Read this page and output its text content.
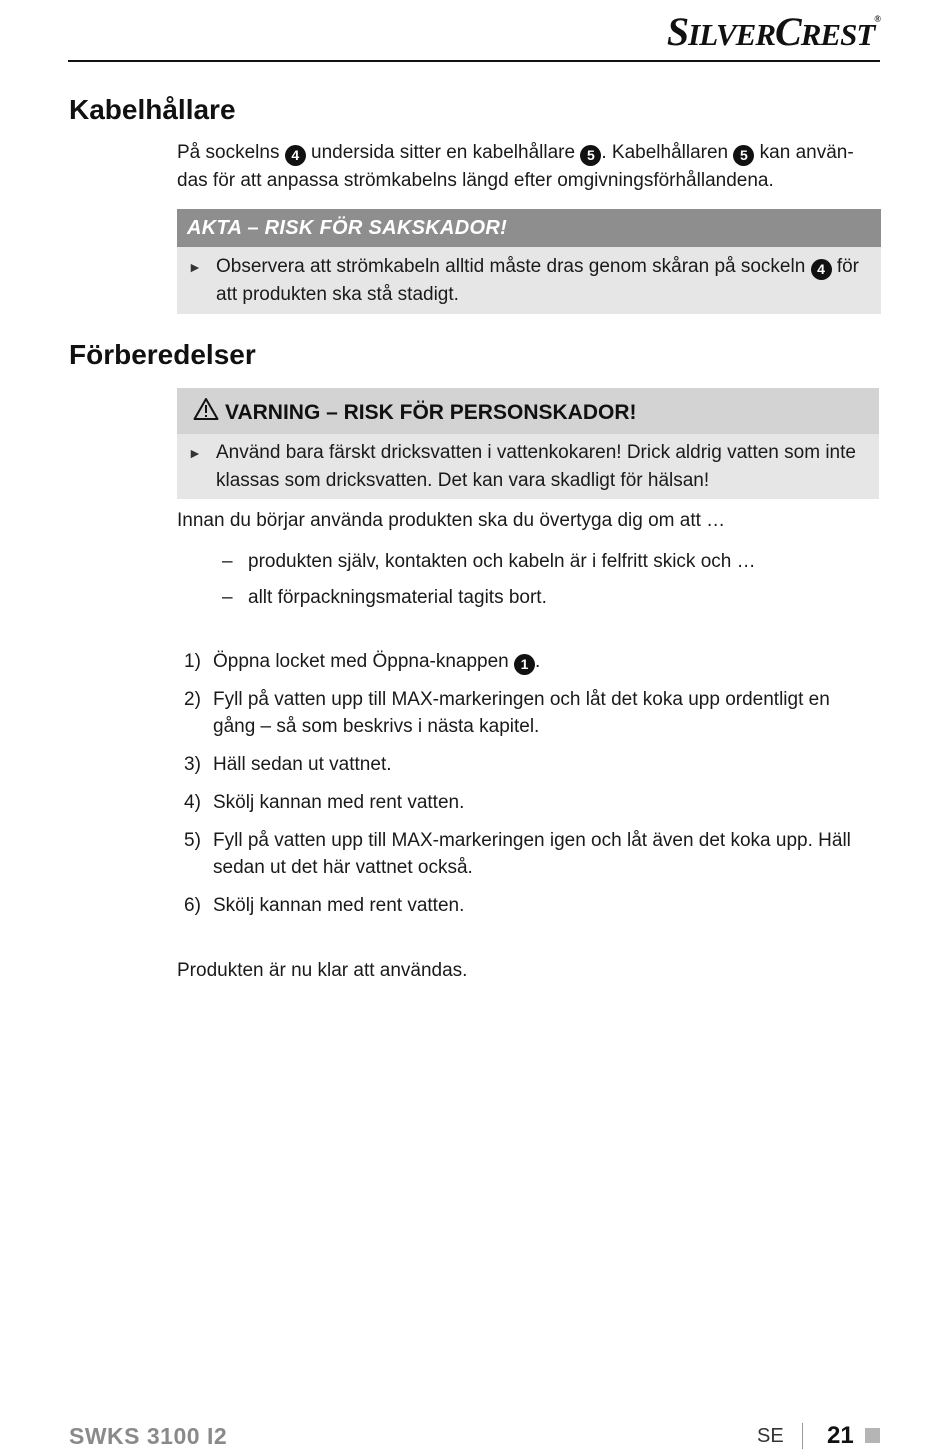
SILVERCREST®
Kabelhållare

På sockelns 4 undersida sitter en kabelhållare 5 . Kabelhållaren 5 kan använ-das för att anpassa strömkabelns längd efter omgivningsförhållandena.

AKTA – RISK FÖR SAKSKADOR!
► Observera att strömkabeln alltid måste dras genom skåran på sockeln 4 för att produkten ska stå stadigt.
Förberedelser
VARNING – RISK FÖR PERSONSKADOR!
► Använd bara färskt dricksvatten i vattenkokaren! Drick aldrig vatten som inte klassas som dricksvatten. Det kan vara skadligt för hälsan!

Innan du börjar använda produkten ska du övertyga dig om att …

– produkten själv, kontakten och kabeln är i felfritt skick och …
– allt förpackningsmaterial tagits bort.
1) Öppna locket med Öppna-knappen 1 .
2) Fyll på vatten upp till MAX-markeringen och låt det koka upp ordentligt en gång – så som beskrivs i nästa kapitel.
3) Häll sedan ut vattnet.
4) Skölj kannan med rent vatten.
5) Fyll på vatten upp till MAX-markeringen igen och låt även det koka upp. Häll sedan ut det här vattnet också.
6) Skölj kannan med rent vatten.

Produkten är nu klar att användas.

SWKS 3100 I2	SE 21
